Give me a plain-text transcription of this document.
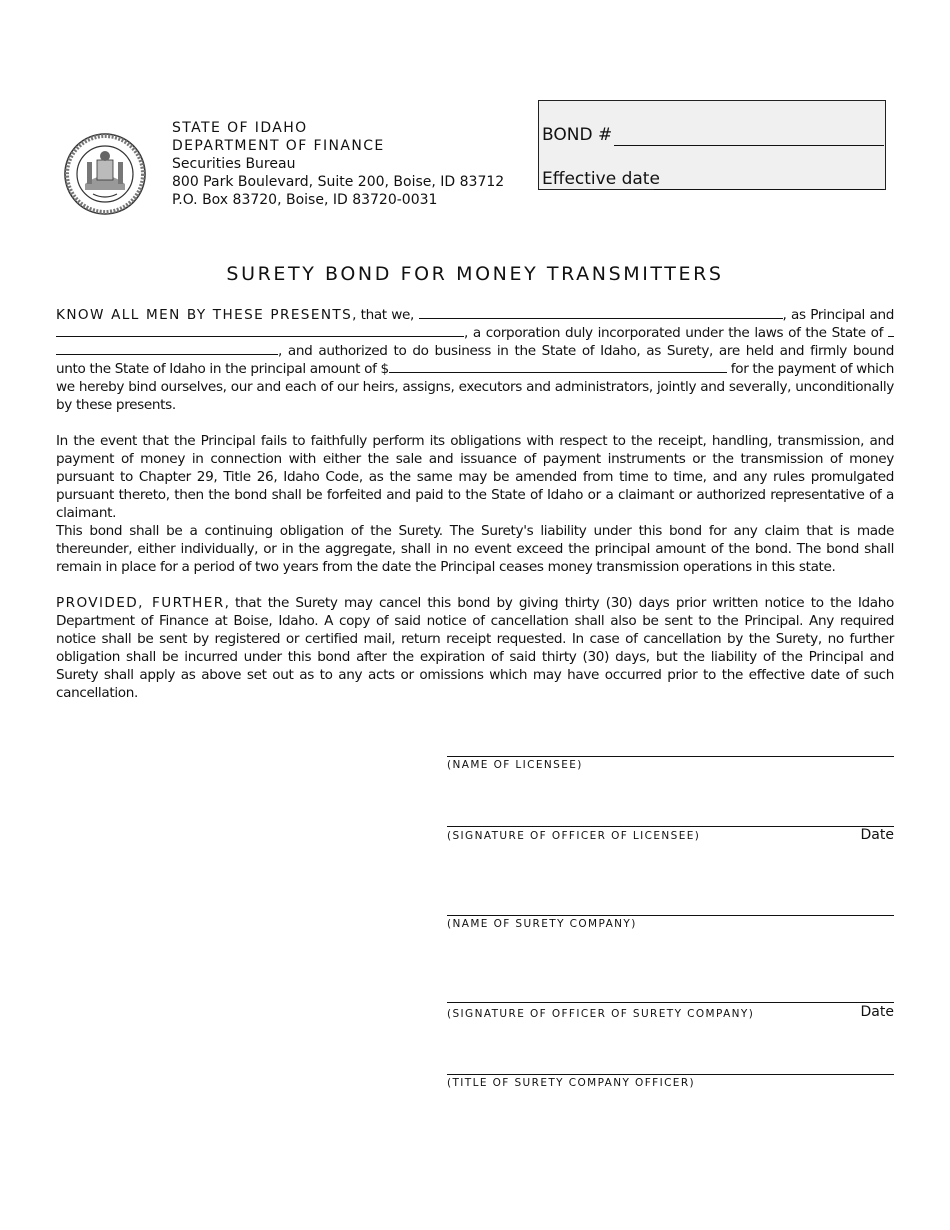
STATE OF IDAHO
DEPARTMENT OF FINANCE
Securities Bureau
800 Park Boulevard, Suite 200, Boise, ID 83712
P.O. Box 83720, Boise, ID 83720-0031
BOND #
Effective date
SURETY BOND FOR MONEY TRANSMITTERS

KNOW ALL MEN BY THESE PRESENTS, that we,	, as Principal and , a corporation duly incorporated under the laws of the State of  , and authorized to do business in the State of Idaho, as Surety, are held and firmly bound unto the State of Idaho in the principal amount of $	for the payment of which we hereby bind ourselves, our and each of our heirs, assigns, executors and administrators, jointly and severally, unconditionally by these presents.

In the event that the Principal fails to faithfully perform its obligations with respect to the receipt, handling, transmission, and payment of money in connection with either the sale and issuance of payment instruments or the transmission of money pursuant to Chapter 29, Title 26, Idaho Code, as the same may be amended from time to time, and any rules promulgated pursuant thereto, then the bond shall be forfeited and paid to the State of Idaho or a claimant or authorized representative of a claimant.

This bond shall be a continuing obligation of the Surety. The Surety's liability under this bond for any claim that is made thereunder, either individually, or in the aggregate, shall in no event exceed the principal amount of the bond. The bond shall remain in place for a period of two years from the date the Principal ceases money transmission operations in this state.

PROVIDED, FURTHER, that the Surety may cancel this bond by giving thirty (30) days prior written notice to the Idaho Department of Finance at Boise, Idaho. A copy of said notice of cancellation shall also be sent to the Principal. Any required notice shall be sent by registered or certified mail, return receipt requested. In case of cancellation by the Surety, no further obligation shall be incurred under this bond after the expiration of said thirty (30) days, but the liability of the Principal and Surety shall apply as above set out as to any acts or omissions which may have occurred prior to the effective date of such cancellation.

(NAME OF LICENSEE)
(SIGNATURE OF OFFICER OF LICENSEE)	Date
(NAME OF SURETY COMPANY)
(SIGNATURE OF OFFICER OF SURETY COMPANY)	Date
(TITLE OF SURETY COMPANY OFFICER)
